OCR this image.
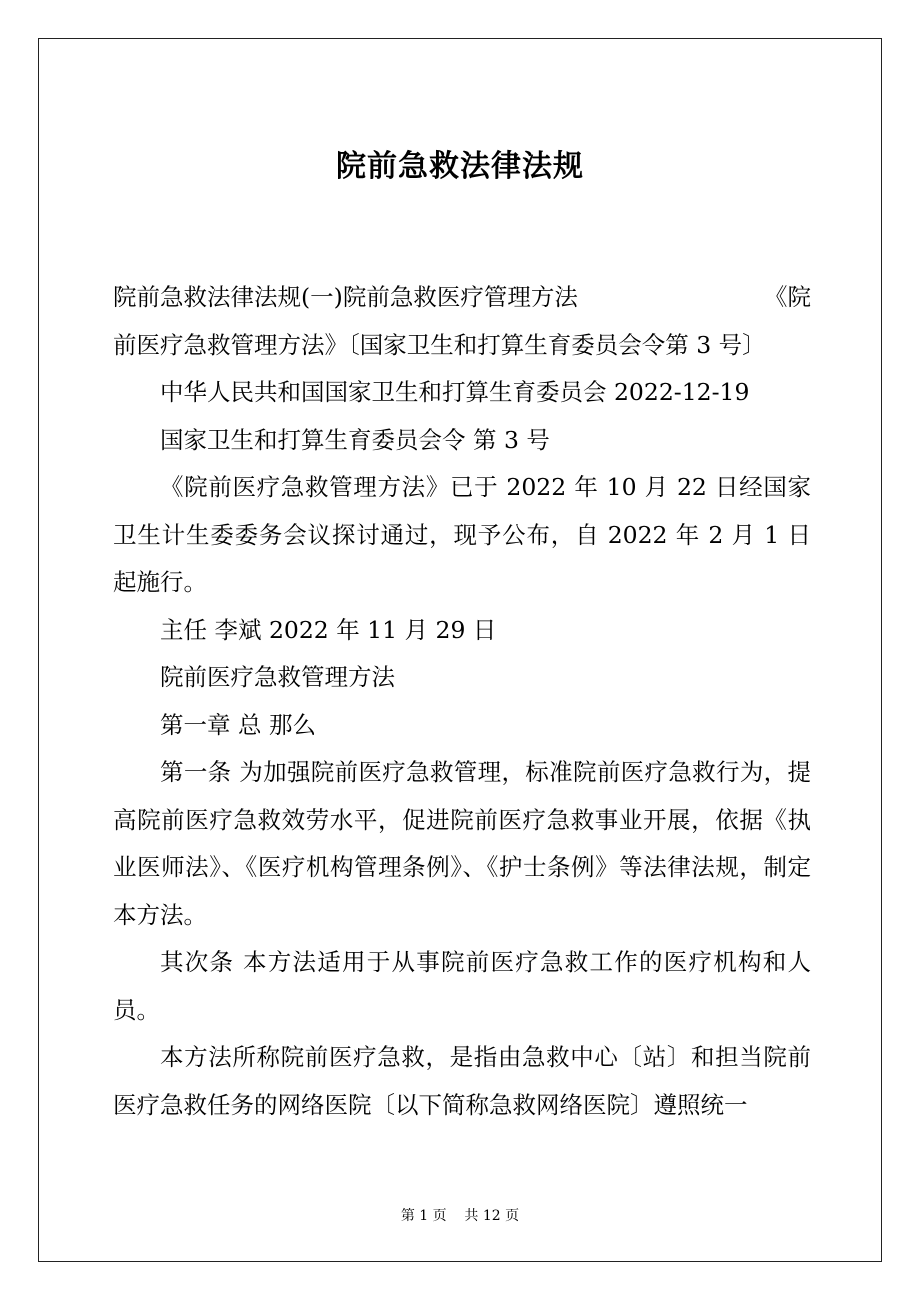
院前急救法律法规
院前急救法律法规(一)院前急救医疗管理方法	《院

前医疗急救管理方法》〔国家卫生和打算生育委员会令第 3 号〕

中华人民共和国国家卫生和打算生育委员会 2022-12-19

国家卫生和打算生育委员会令 第 3 号

《院前医疗急救管理方法》已于 2022 年 10 月 22 日经国家卫生计生委委务会议探讨通过，现予公布，自 2022 年 2 月 1 日起施行。

主任 李斌 2022 年 11 月 29 日

院前医疗急救管理方法

第一章 总 那么

第一条 为加强院前医疗急救管理，标准院前医疗急救行为，提高院前医疗急救效劳水平，促进院前医疗急救事业开展，依据《执业医师法》、《医疗机构管理条例》、《护士条例》等法律法规，制定本方法。

其次条 本方法适用于从事院前医疗急救工作的医疗机构和人员。

本方法所称院前医疗急救，是指由急救中心〔站〕和担当院前医疗急救任务的网络医院〔以下简称急救网络医院〕遵照统一

第 1 页    共 12 页
